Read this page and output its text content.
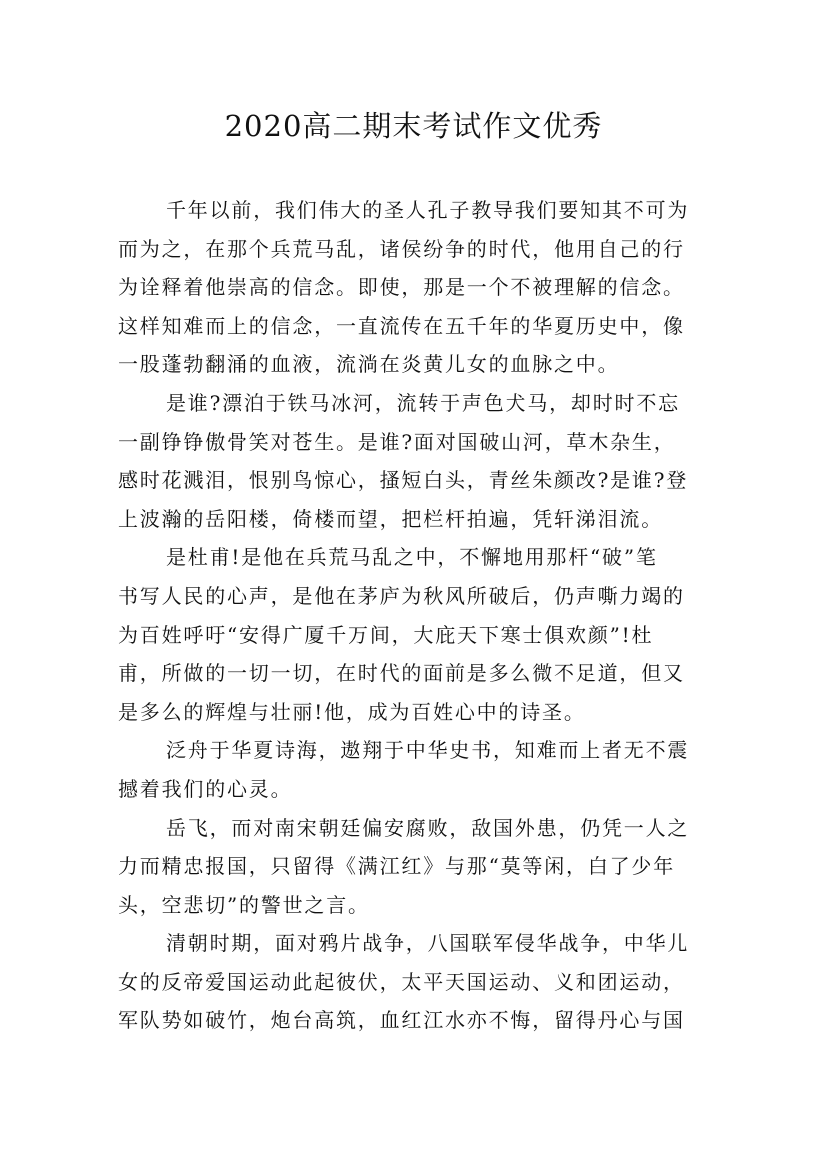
2020高二期末考试作文优秀
千年以前，我们伟大的圣人孔子教导我们要知其不可为
而为之，在那个兵荒马乱，诸侯纷争的时代，他用自己的行
为诠释着他崇高的信念。即使，那是一个不被理解的信念。
这样知难而上的信念，一直流传在五千年的华夏历史中，像
一股蓬勃翻涌的血液，流淌在炎黄儿女的血脉之中。
是谁?漂泊于铁马冰河，流转于声色犬马，却时时不忘
一副铮铮傲骨笑对苍生。是谁?面对国破山河，草木杂生，
感时花溅泪，恨别鸟惊心，搔短白头，青丝朱颜改?是谁?登
上波瀚的岳阳楼，倚楼而望，把栏杆拍遍，凭轩涕泪流。
是杜甫!是他在兵荒马乱之中，不懈地用那杆“破”笔
书写人民的心声，是他在茅庐为秋风所破后，仍声嘶力竭的
为百姓呼吁“安得广厦千万间，大庇天下寒士俱欢颜”!杜
甫，所做的一切一切，在时代的面前是多么微不足道，但又
是多么的辉煌与壮丽!他，成为百姓心中的诗圣。
泛舟于华夏诗海，遨翔于中华史书，知难而上者无不震
撼着我们的心灵。
岳飞，而对南宋朝廷偏安腐败，敌国外患，仍凭一人之
力而精忠报国，只留得《满江红》与那“莫等闲，白了少年
头，空悲切”的警世之言。
清朝时期，面对鸦片战争，八国联军侵华战争，中华儿
女的反帝爱国运动此起彼伏，太平天国运动、义和团运动，
军队势如破竹，炮台高筑，血红江水亦不悔，留得丹心与国
